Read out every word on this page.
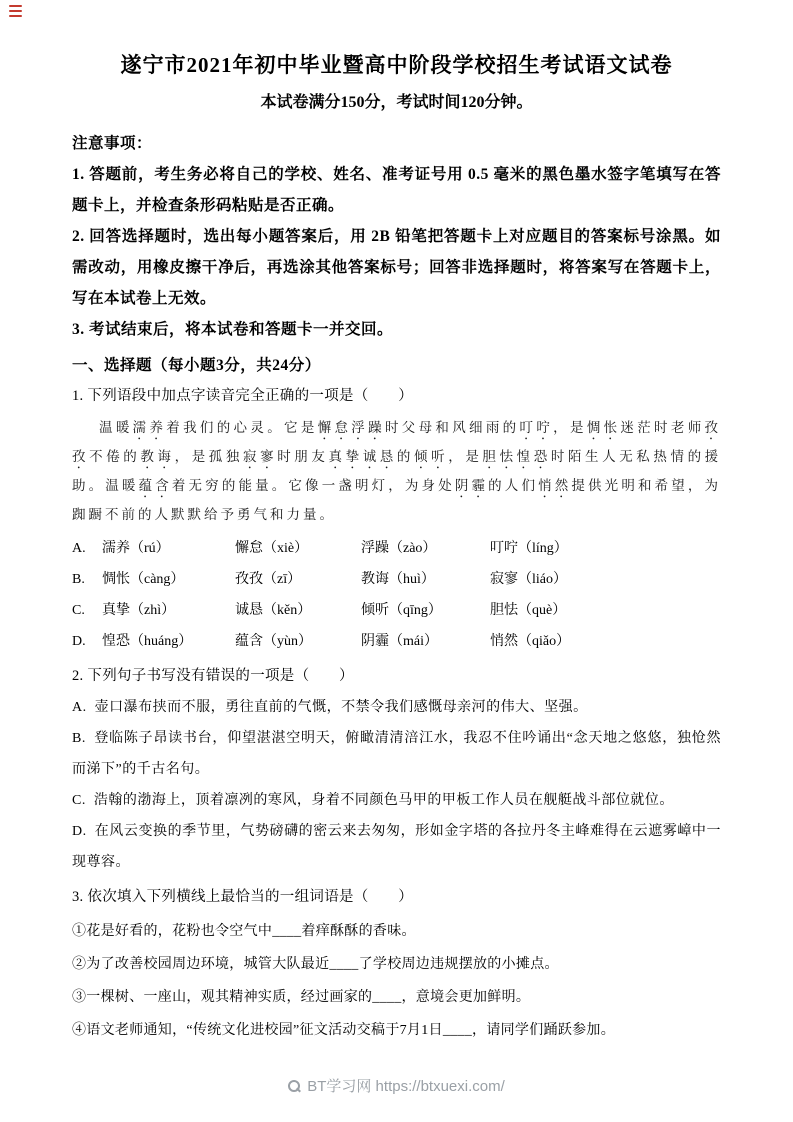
遂宁市2021年初中毕业暨高中阶段学校招生考试语文试卷
本试卷满分150分，考试时间120分钟。

注意事项：

1. 答题前，考生务必将自己的学校、姓名、准考证号用 0.5 毫米的黑色墨水签字笔填写在答题卡上，并检查条形码粘贴是否正确。

2. 回答选择题时，选出每小题答案后，用 2B 铅笔把答题卡上对应题目的答案标号涂黑。如需改动，用橡皮擦干净后，再选涂其他答案标号；回答非选择题时，将答案写在答题卡上，写在本试卷上无效。

3. 考试结束后，将本试卷和答题卡一并交回。

一、选择题（每小题3分，共24分）

1. 下列语段中加点字读音完全正确的一项是（　　）

温暖濡养着我们的心灵。它是懈怠浮躁时父母和风细雨的叮咛，是惆怅迷茫时老师孜孜不倦的教诲，是孤独寂寥时朋友真挚诚恳的倾听，是胆怯惶恐时陌生人无私热情的援助。温暖蕴含着无穷的能量。它像一盏明灯，为身处阴霾的人们悄然提供光明和希望，为踟蹰不前的人默默给予勇气和力量。

A.	濡养（rú）	懈怠（xiè）	浮躁（zào）	叮咛（líng）
B.	惆怅（càng）	孜孜（zī）	教诲（huì）	寂寥（liáo）
C.	真挚（zhì）	诚恳（kěn）	倾听（qīng）	胆怯（què）
D.	惶恐（huáng）	蕴含（yùn）	阴霾（mái）	悄然（qiǎo）

2. 下列句子书写没有错误的一项是（　　）

A.  壶口瀑布挟而不服，勇往直前的气慨，不禁令我们感慨母亲河的伟大、坚强。

B.  登临陈子昂读书台，仰望湛湛空明天，俯瞰清清涪江水，我忍不住吟诵出“念天地之悠悠，独怆然而涕下”的千古名句。

C.  浩翰的渤海上，顶着凛冽的寒风，身着不同颜色马甲的甲板工作人员在舰艇战斗部位就位。

D.  在风云变换的季节里，气势磅礴的密云来去匆匆，形如金字塔的各拉丹冬主峰难得在云遮雾嶂中一现尊容。

3. 依次填入下列横线上最恰当的一组词语是（　　）

①花是好看的，花粉也令空气中____着痒酥酥的香味。

②为了改善校园周边环境，城管大队最近____了学校周边违规摆放的小摊点。

③一棵树、一座山，观其精神实质，经过画家的____，意境会更加鲜明。

④语文老师通知，“传统文化进校园”征文活动交稿于7月1日____，请同学们踊跃参加。

BT学习网 https://btxuexi.com/
